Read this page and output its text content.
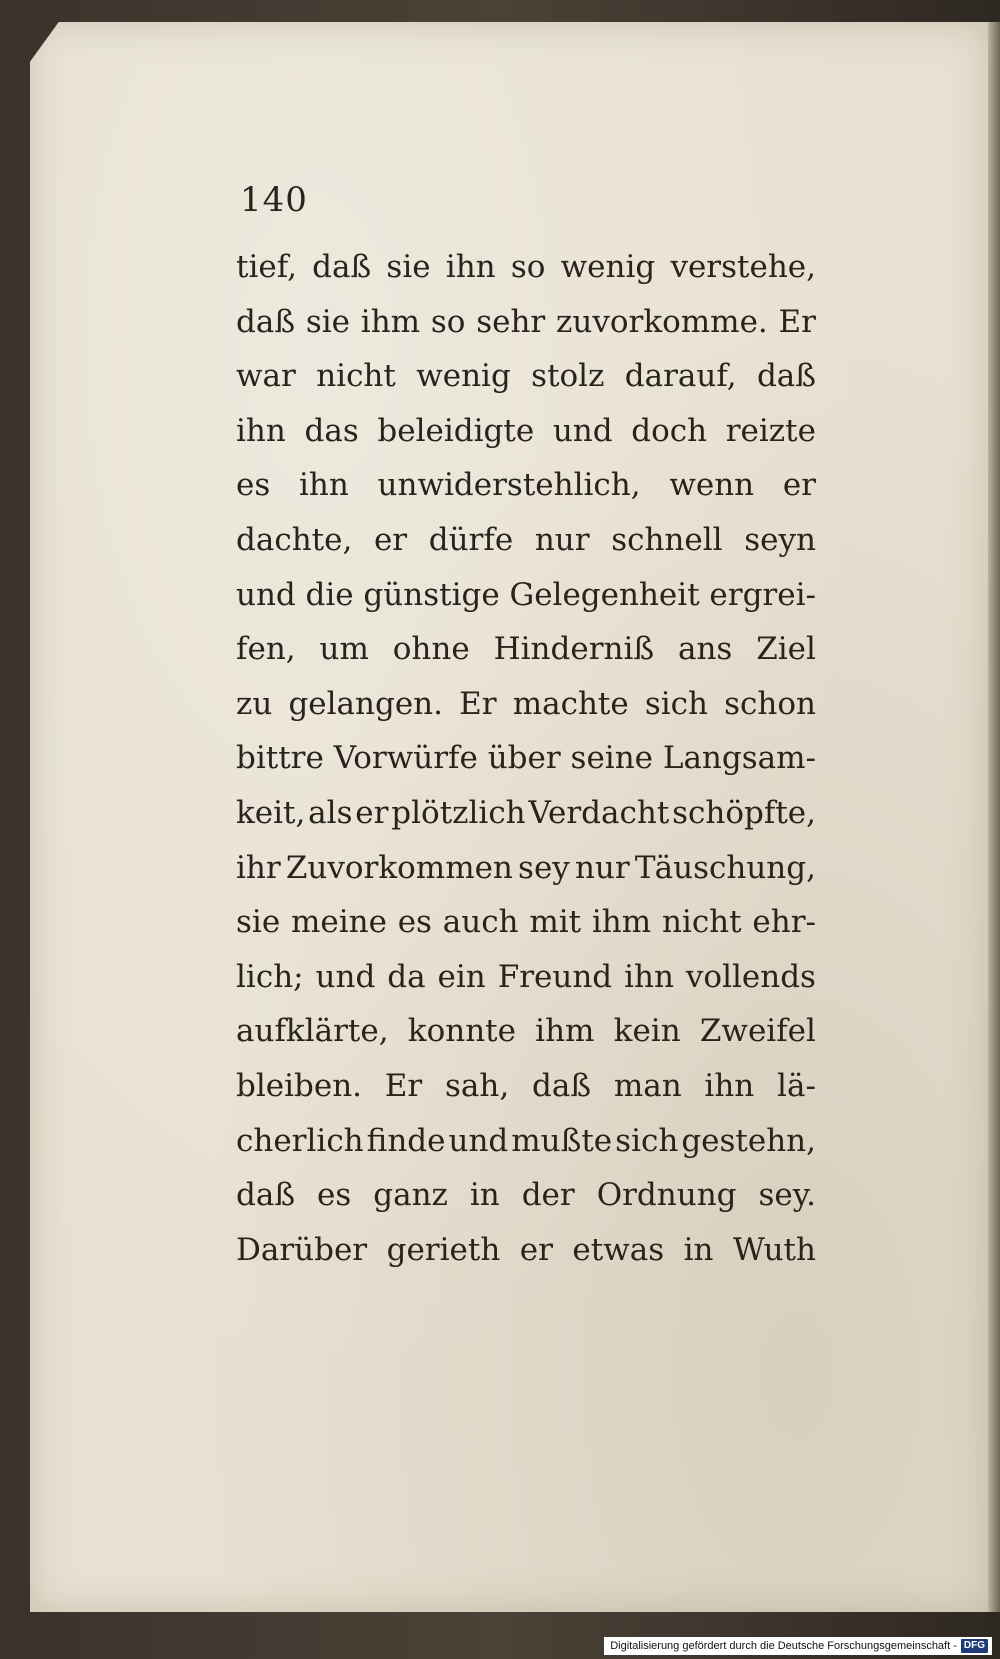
140
tief, daß sie ihn so wenig verstehe,
daß sie ihm so sehr zuvorkomme. Er
war nicht wenig stolz darauf, daß
ihn das beleidigte und doch reizte
es ihn unwiderstehlich, wenn er
dachte, er dürfe nur schnell seyn
und die günstige Gelegenheit ergrei-
fen, um ohne Hinderniß ans Ziel
zu gelangen. Er machte sich schon
bittre Vorwürfe über seine Langsam-
keit, als er plötzlich Verdacht schöpfte,
ihr Zuvorkommen sey nur Täuschung,
sie meine es auch mit ihm nicht ehr-
lich; und da ein Freund ihn vollends
aufklärte, konnte ihm kein Zweifel
bleiben. Er sah, daß man ihn lä-
cherlich finde und mußte sich gestehn,
daß es ganz in der Ordnung sey.
Darüber gerieth er etwas in Wuth
Digitalisierung gefördert durch die Deutsche Forschungsgemeinschaft - DFG
